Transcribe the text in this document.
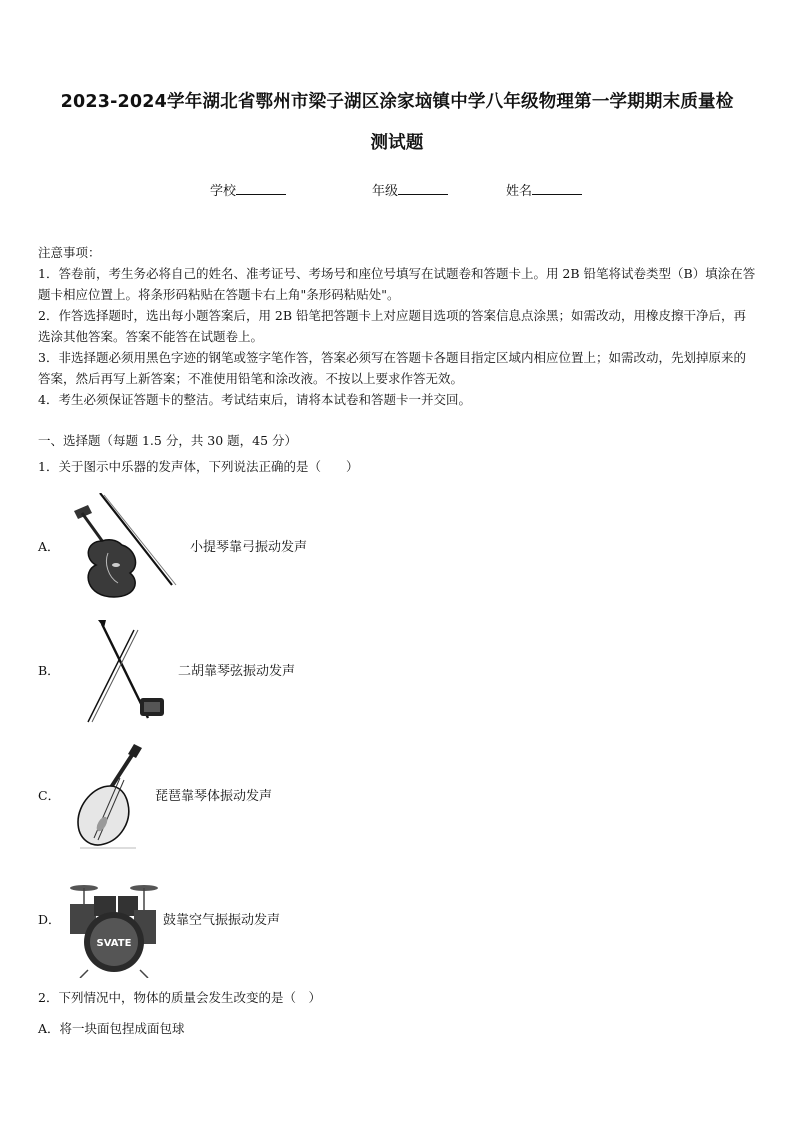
2023-2024学年湖北省鄂州市梁子湖区涂家垴镇中学八年级物理第一学期期末质量检
测试题
学校	年级	姓名

注意事项：

1．答卷前，考生务必将自己的姓名、准考证号、考场号和座位号填写在试题卷和答题卡上。用 2B 铅笔将试卷类型（B）填涂在答题卡相应位置上。将条形码粘贴在答题卡右上角"条形码粘贴处"。

2．作答选择题时，选出每小题答案后，用 2B 铅笔把答题卡上对应题目选项的答案信息点涂黑；如需改动，用橡皮擦干净后，再选涂其他答案。答案不能答在试题卷上。

3．非选择题必须用黑色字迹的钢笔或签字笔作答，答案必须写在答题卡各题目指定区域内相应位置上；如需改动，先划掉原来的答案，然后再写上新答案；不准使用铅笔和涂改液。不按以上要求作答无效。

4．考生必须保证答题卡的整洁。考试结束后，请将本试卷和答题卡一并交回。

一、选择题（每题 1.5 分，共 30 题，45 分）
1．关于图示中乐器的发声体，下列说法正确的是（　　）
A．	小提琴靠弓振动发声
B．	二胡靠琴弦振动发声
C．	琵琶靠琴体振动发声
D．
SVATE
鼓靠空气振振动发声
2．下列情况中，物体的质量会发生改变的是（　）
A．将一块面包捏成面包球
